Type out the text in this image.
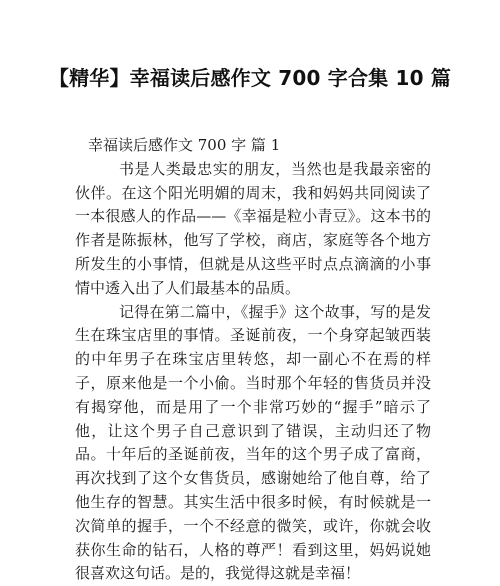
【精华】幸福读后感作文 700 字合集 10 篇

幸福读后感作文 700 字 篇 1

书是人类最忠实的朋友，当然也是我最亲密的伙伴。在这个阳光明媚的周末，我和妈妈共同阅读了一本很感人的作品——《幸福是粒小青豆》。这本书的作者是陈振林，他写了学校，商店，家庭等各个地方所发生的小事情，但就是从这些平时点点滴滴的小事情中透入出了人们最基本的品质。

记得在第二篇中，《握手》这个故事，写的是发生在珠宝店里的事情。圣诞前夜，一个身穿起皱西装的中年男子在珠宝店里转悠，却一副心不在焉的样子，原来他是一个小偷。当时那个年轻的售货员并没有揭穿他，而是用了一个非常巧妙的“握手”暗示了他，让这个男子自己意识到了错误，主动归还了物品。十年后的圣诞前夜，当年的这个男子成了富商，再次找到了这个女售货员，感谢她给了他自尊，给了他生存的智慧。其实生活中很多时候，有时候就是一次简单的握手，一个不经意的微笑，或许，你就会收获你生命的钻石，人格的尊严！看到这里，妈妈说她很喜欢这句话。是的，我觉得这就是幸福！
